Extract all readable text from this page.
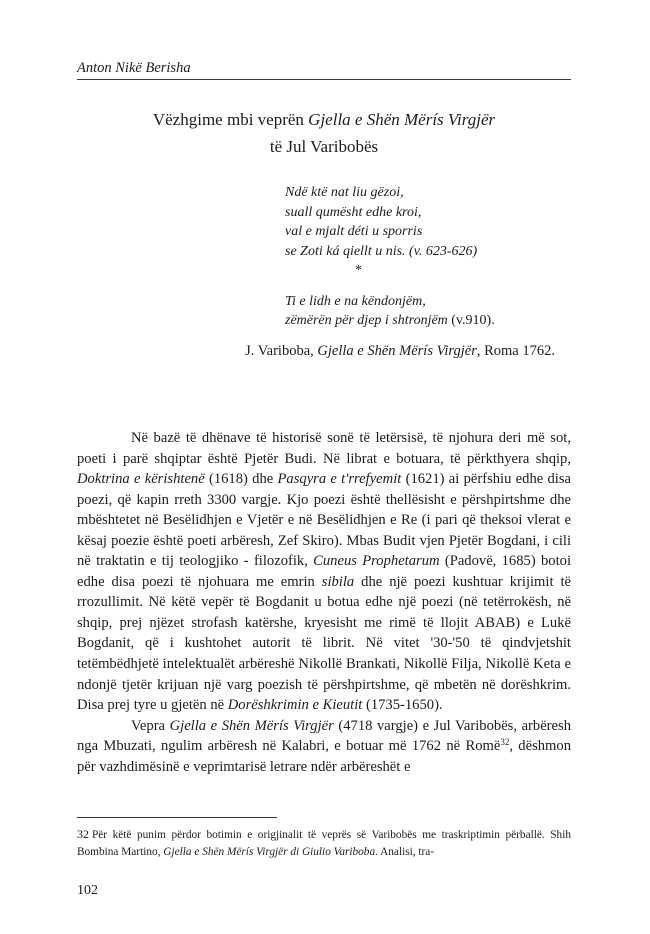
Anton Nikë Berisha
Vëzhgime mbi veprën Gjella e Shën Mërís Virgjër
të Jul Varibobës
Ndë ktë nat liu gëzoi,
suall qumësht edhe kroi,
val e mjalt déti u sporris
se Zoti ká qiellt u nis. (v. 623-626)
*
Ti e lidh e na këndonjëm,
zëmërën për djep i shtronjëm (v.910).
J. Variboba, Gjella e Shën Mërís Virgjër, Roma 1762.

Në bazë të dhënave të historisë sonë të letërsisë, të njohura deri më sot, poeti i parë shqiptar është Pjetër Budi. Në librat e botuara, të përkthyera shqip, Doktrina e kërishtenë (1618) dhe Pasqyra e t'rrefyemit (1621) ai përfshiu edhe disa poezi, që kapin rreth 3300 vargje. Kjo poezi është thellësisht e përshpirtshme dhe mbështetet në Besëlidhjen e Vjetër e në Besëlidhjen e Re (i pari që theksoi vlerat e kësaj poezie është poeti arbëresh, Zef Skiro). Mbas Budit vjen Pjetër Bogdani, i cili në traktatin e tij teologjiko - filozofik, Cuneus Prophetarum (Padovë, 1685) botoi edhe disa poezi të njohuara me emrin sibila dhe një poezi kushtuar krijimit të rrozullimit. Në këtë vepër të Bogdanit u botua edhe një poezi (në tetërrokësh, në shqip, prej njëzet strofash katërshe, kryesisht me rimë të llojit ABAB) e Lukë Bogdanit, që i kushtohet autorit të librit. Në vitet '30-'50 të qindvjetshit tetëmbëdhjetë intelektualët arbëreshë Nikollë Brankati, Nikollë Filja, Nikollë Keta e ndonjë tjetër krijuan një varg poezish të përshpirtshme, që mbetën në dorëshkrim. Disa prej tyre u gjetën në Dorëshkrimin e Kieutit (1735-1650).

Vepra Gjella e Shën Mërís Virgjër (4718 vargje) e Jul Varibobës, arbëresh nga Mbuzati, ngulim arbëresh në Kalabri, e botuar më 1762 në Romë$^{32}$, dëshmon për vazhdimësinë e veprimtarisë letrare ndër arbëreshët e

32 Për këtë punim përdor botimin e origjinalit të veprës së Varibobës me traskriptimin përballë. Shih Bombina Martino, Gjella e Shën Mërís Virgjër di Giulio Variboba. Analisi, tra-
102
